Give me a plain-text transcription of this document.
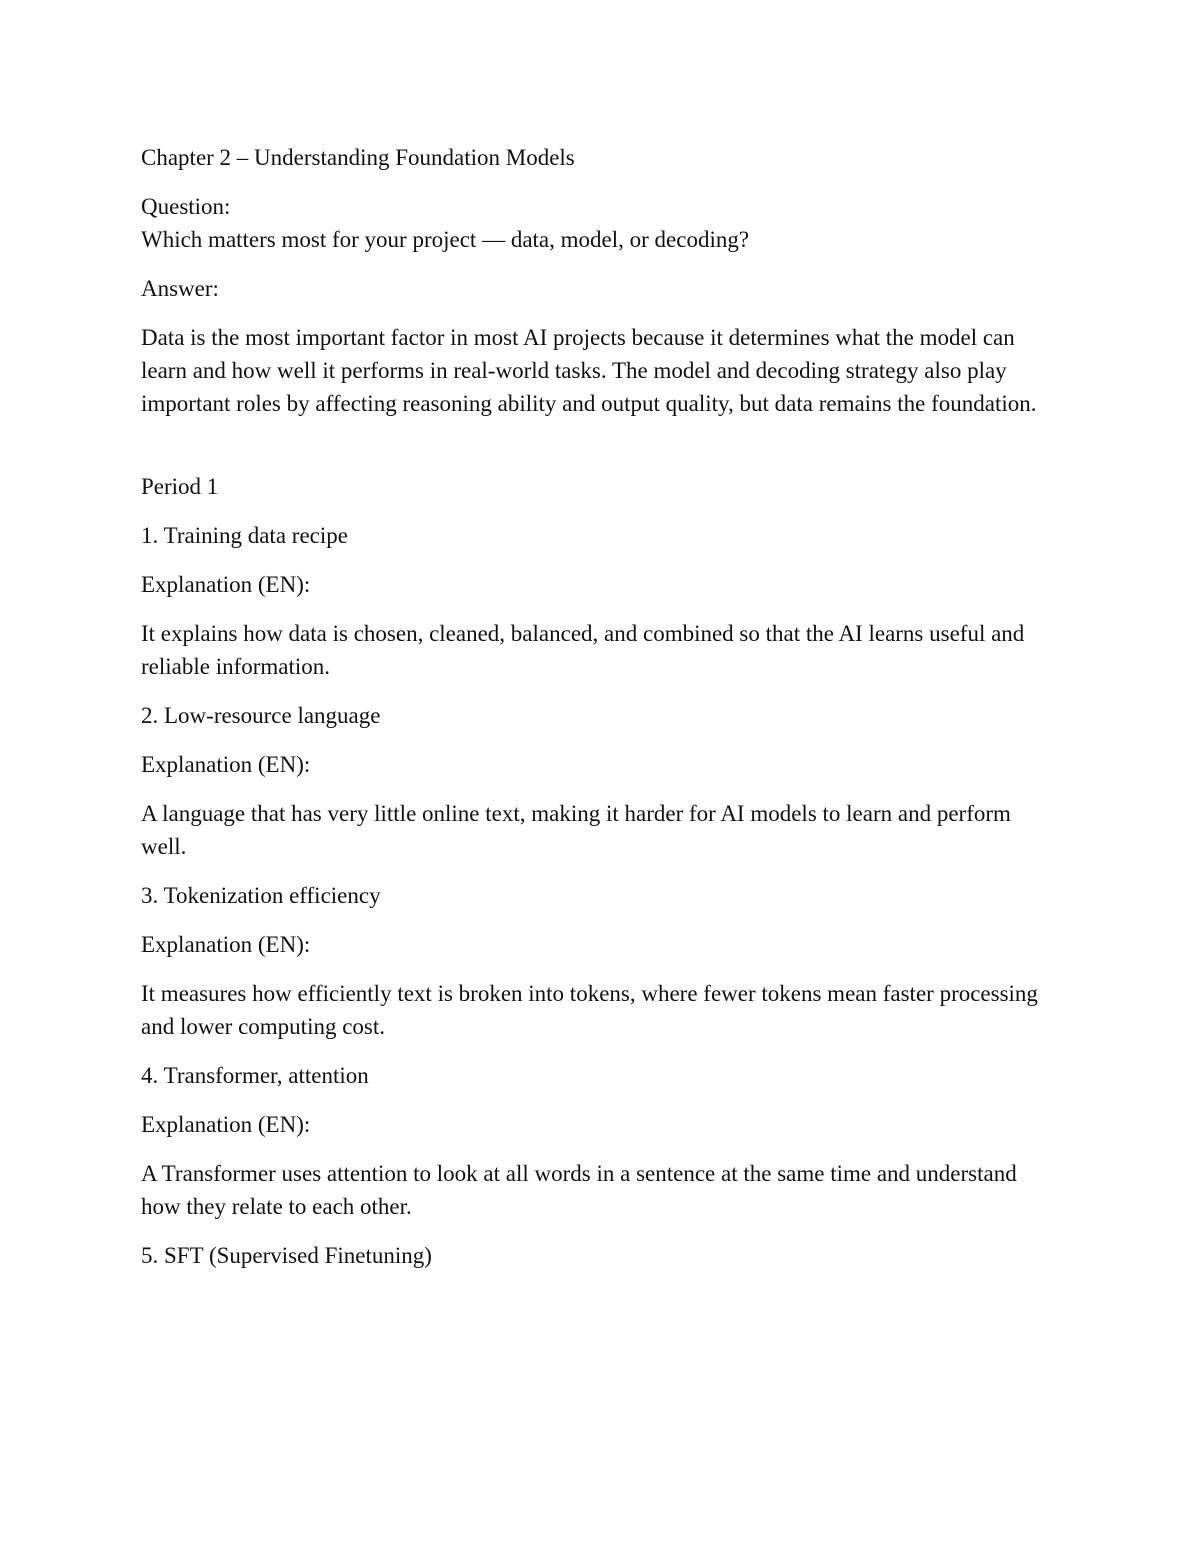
Chapter 2 – Understanding Foundation Models

Question:

Which matters most for your project — data, model, or decoding?

Answer:

Data is the most important factor in most AI projects because it determines what the model can learn and how well it performs in real-world tasks. The model and decoding strategy also play important roles by affecting reasoning ability and output quality, but data remains the foundation.

Period 1

1. Training data recipe

Explanation (EN):

It explains how data is chosen, cleaned, balanced, and combined so that the AI learns useful and reliable information.

2. Low-resource language

Explanation (EN):

A language that has very little online text, making it harder for AI models to learn and perform well.

3. Tokenization efficiency

Explanation (EN):

It measures how efficiently text is broken into tokens, where fewer tokens mean faster processing and lower computing cost.

4. Transformer, attention

Explanation (EN):

A Transformer uses attention to look at all words in a sentence at the same time and understand how they relate to each other.

5. SFT (Supervised Finetuning)
